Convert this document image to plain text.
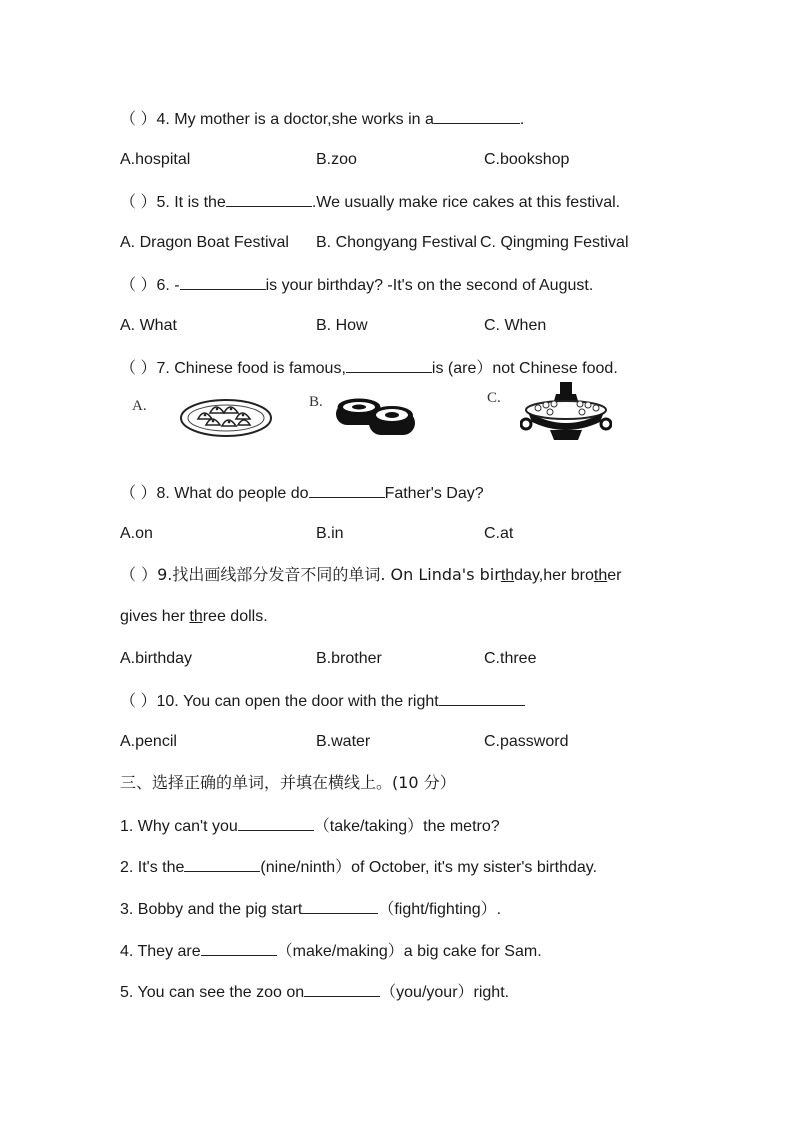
（ ）4. My mother is a doctor,she works in a	.
A.hospital	B.zoo	C.bookshop
（ ）5. It is the	.We usually make rice cakes at this festival.
A. Dragon Boat Festival B. Chongyang Festival C. Qingming Festival
（ ）6. -	is your birthday? -It's on the second of August.
A. What	B. How	C. When
（ ）7. Chinese food is famous,	is (are）not Chinese food.
A.	B.	C.
（ ）8. What do people do	Father's Day?
A.on	B.in	C.at
（ ）9.找出画线部分发音不同的单词. On Linda's birthday,her brother
gives her three dolls.
A.birthday	B.brother	C.three
（ ）10. You can open the door with the right
A.pencil	B.water	C.password
三、选择正确的单词，并填在横线上。(10 分）
1. Why can't you	（take/taking）the metro?
2. It's the	(nine/ninth）of October, it's my sister's birthday.
3. Bobby and the pig start	（fight/fighting）.
4. They are	（make/making）a big cake for Sam.
5. You can see the zoo on	（you/your）right.
